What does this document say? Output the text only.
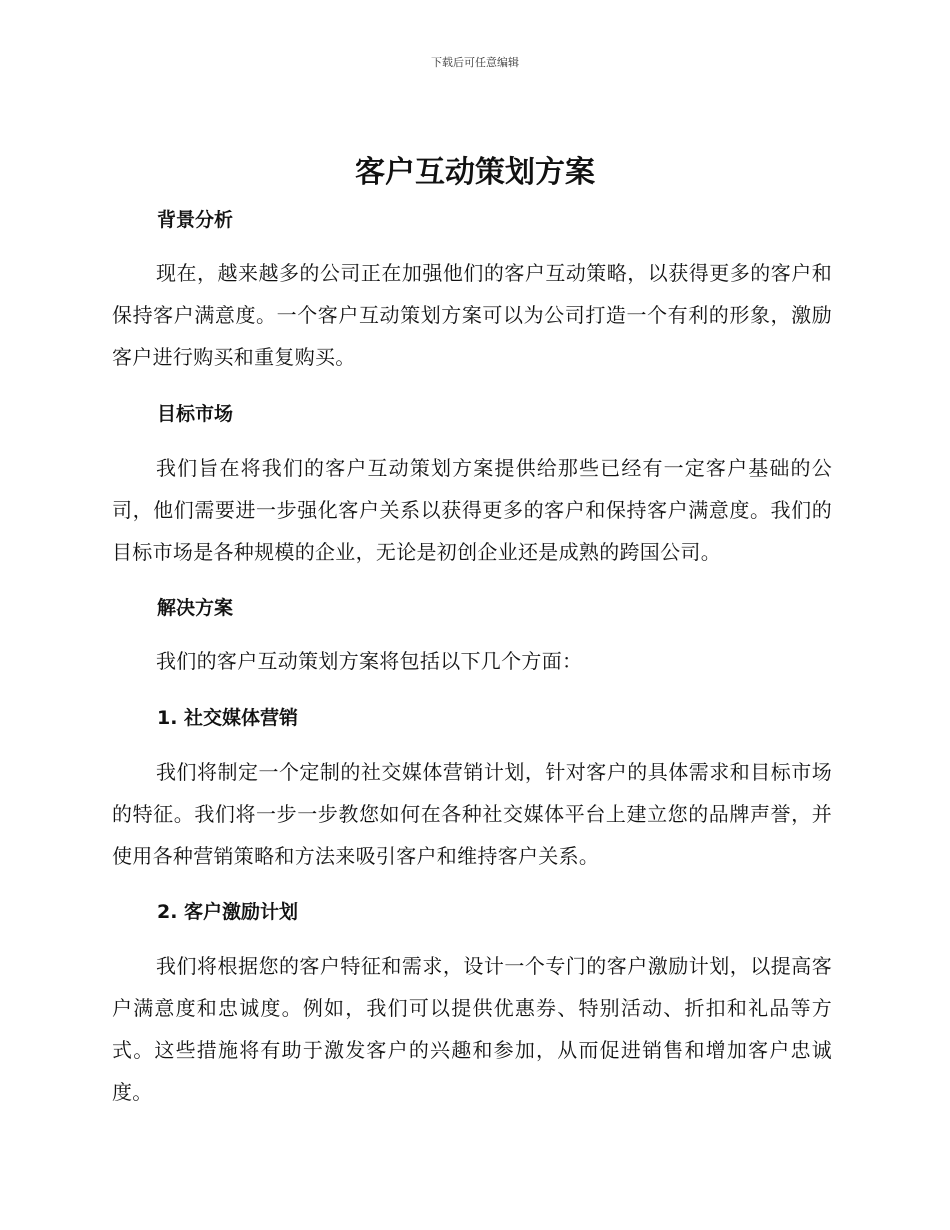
下载后可任意编辑
客户互动策划方案
背景分析

现在，越来越多的公司正在加强他们的客户互动策略，以获得更多的客户和保持客户满意度。一个客户互动策划方案可以为公司打造一个有利的形象，激励客户进行购买和重复购买。

目标市场

我们旨在将我们的客户互动策划方案提供给那些已经有一定客户基础的公司，他们需要进一步强化客户关系以获得更多的客户和保持客户满意度。我们的目标市场是各种规模的企业，无论是初创企业还是成熟的跨国公司。

解决方案

我们的客户互动策划方案将包括以下几个方面：

1. 社交媒体营销

我们将制定一个定制的社交媒体营销计划，针对客户的具体需求和目标市场的特征。我们将一步一步教您如何在各种社交媒体平台上建立您的品牌声誉，并使用各种营销策略和方法来吸引客户和维持客户关系。

2. 客户激励计划

我们将根据您的客户特征和需求，设计一个专门的客户激励计划，以提高客户满意度和忠诚度。例如，我们可以提供优惠券、特别活动、折扣和礼品等方式。这些措施将有助于激发客户的兴趣和参加，从而促进销售和增加客户忠诚度。
